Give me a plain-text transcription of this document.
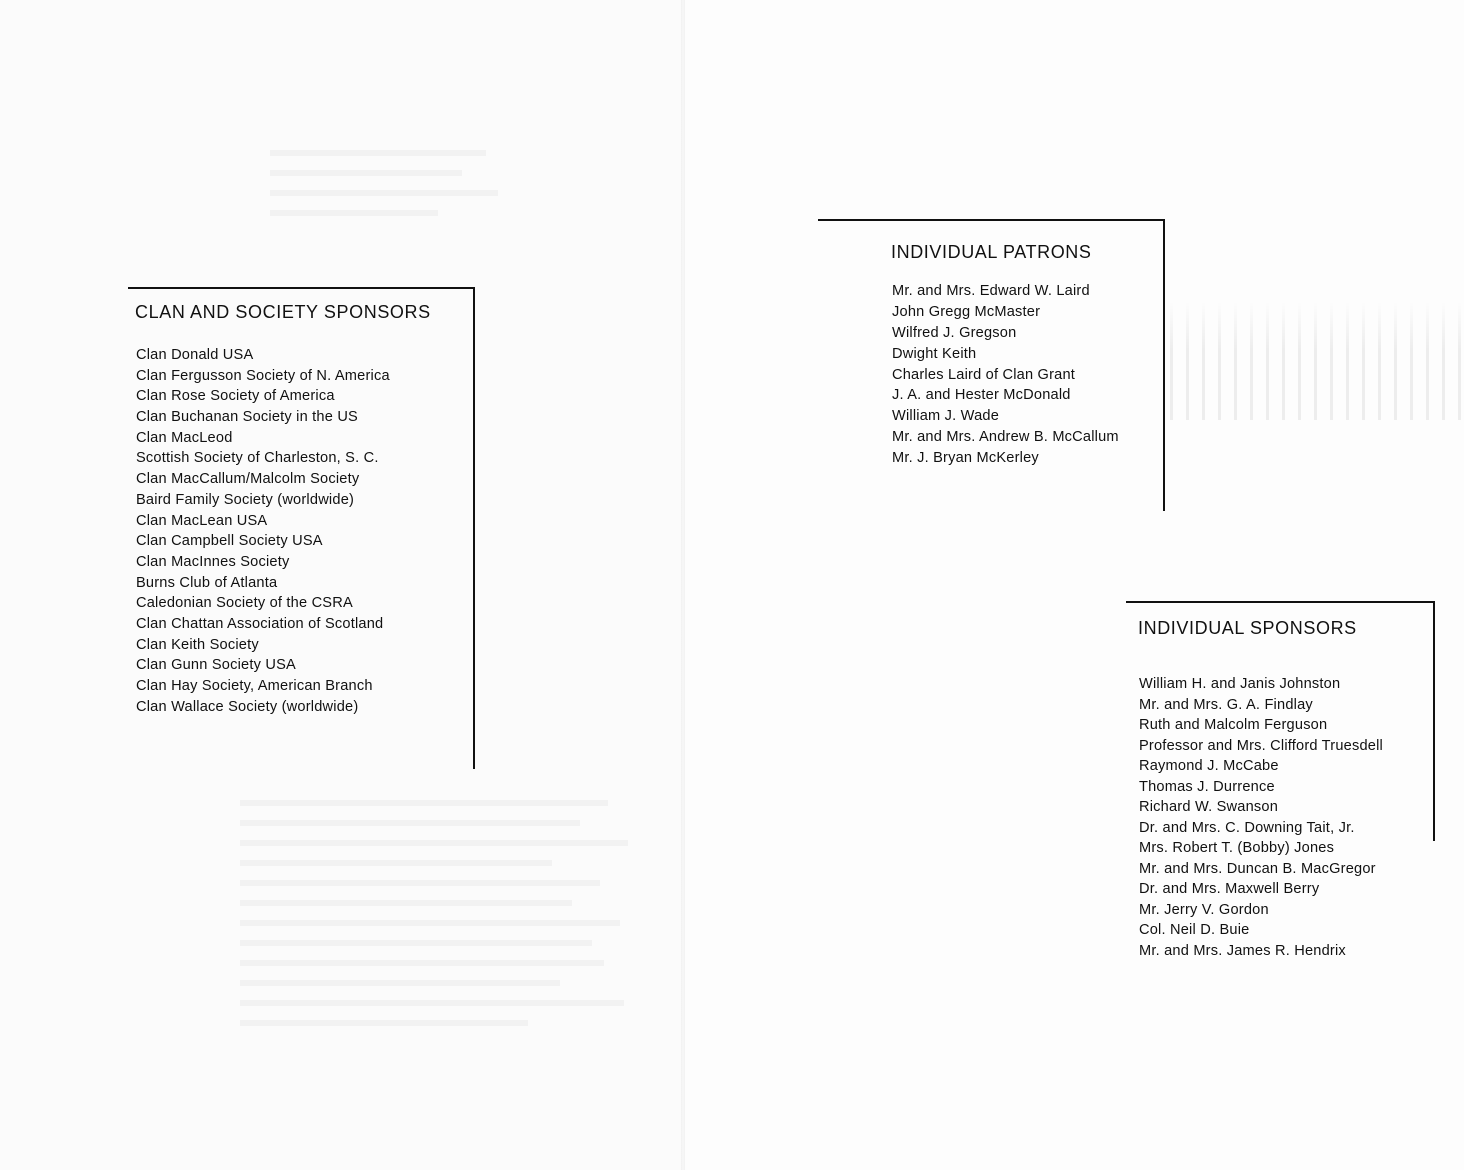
CLAN AND SOCIETY SPONSORS
Clan Donald USA
Clan Fergusson Society of N. America
Clan Rose Society of America
Clan Buchanan Society in the US
Clan MacLeod
Scottish Society of Charleston, S. C.
Clan MacCallum/Malcolm Society
Baird Family Society (worldwide)
Clan MacLean USA
Clan Campbell Society USA
Clan MacInnes Society
Burns Club of Atlanta
Caledonian Society of the CSRA
Clan Chattan Association of Scotland
Clan Keith Society
Clan Gunn Society USA
Clan Hay Society, American Branch
Clan Wallace Society (worldwide)
INDIVIDUAL PATRONS
Mr. and Mrs. Edward W. Laird
John Gregg McMaster
Wilfred J. Gregson
Dwight Keith
Charles Laird of Clan Grant
J. A. and Hester McDonald
William J. Wade
Mr. and Mrs. Andrew B. McCallum
Mr. J. Bryan McKerley
INDIVIDUAL SPONSORS
William H. and Janis Johnston
Mr. and Mrs. G. A. Findlay
Ruth and Malcolm Ferguson
Professor and Mrs. Clifford Truesdell
Raymond J. McCabe
Thomas J. Durrence
Richard W. Swanson
Dr. and Mrs. C. Downing Tait, Jr.
Mrs. Robert T. (Bobby) Jones
Mr. and Mrs. Duncan B. MacGregor
Dr. and Mrs. Maxwell Berry
Mr. Jerry V. Gordon
Col. Neil D. Buie
Mr. and Mrs. James R. Hendrix
